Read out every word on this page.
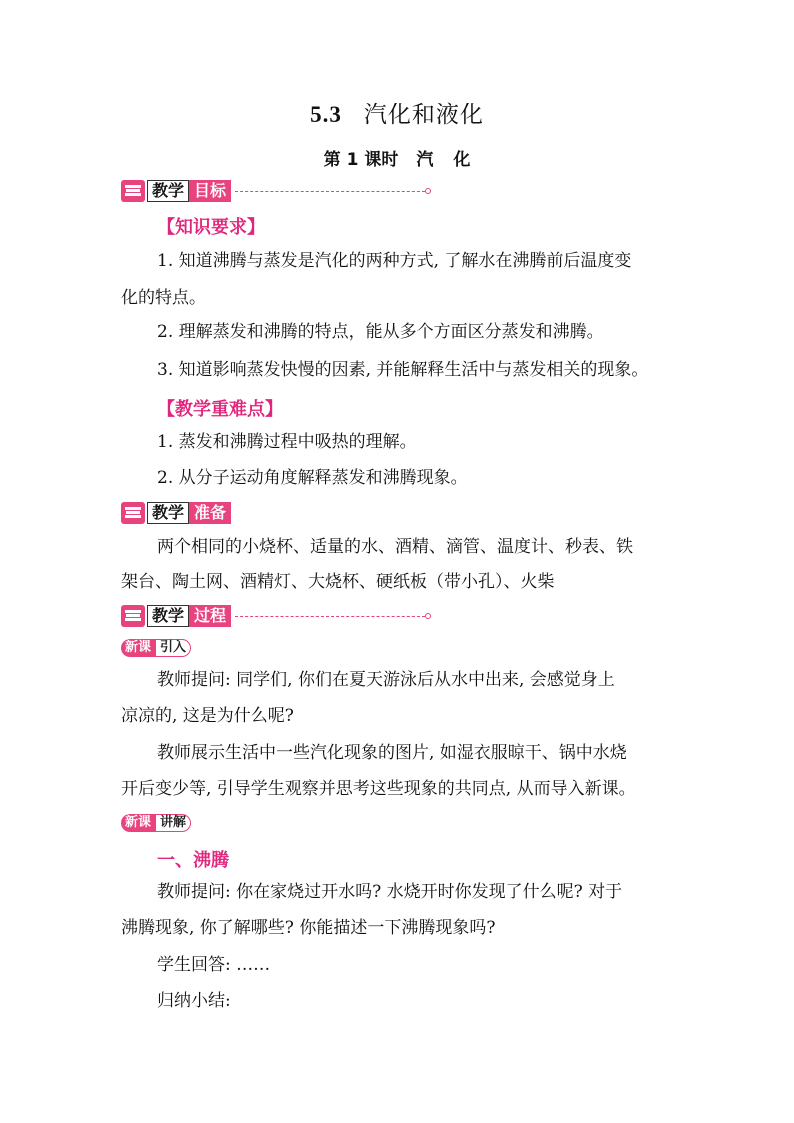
5.3 汽化和液化
第 1 课时 汽 化
教学 目标
【知识要求】
1. 知道沸腾与蒸发是汽化的两种方式, 了解水在沸腾前后温度变
化的特点。
2. 理解蒸发和沸腾的特点，能从多个方面区分蒸发和沸腾。
3. 知道影响蒸发快慢的因素, 并能解释生活中与蒸发相关的现象。
【教学重难点】
1. 蒸发和沸腾过程中吸热的理解。
2. 从分子运动角度解释蒸发和沸腾现象。
教学 准备
两个相同的小烧杯、适量的水、酒精、滴管、温度计、秒表、铁
架台、陶土网、酒精灯、大烧杯、硬纸板（带小孔）、火柴
教学 过程
新课 引入
教师提问: 同学们, 你们在夏天游泳后从水中出来, 会感觉身上
凉凉的, 这是为什么呢?
教师展示生活中一些汽化现象的图片, 如湿衣服晾干、锅中水烧
开后变少等, 引导学生观察并思考这些现象的共同点, 从而导入新课。
新课 讲解
一、沸腾
教师提问: 你在家烧过开水吗? 水烧开时你发现了什么呢? 对于
沸腾现象, 你了解哪些? 你能描述一下沸腾现象吗?
学生回答: ……
归纳小结:
